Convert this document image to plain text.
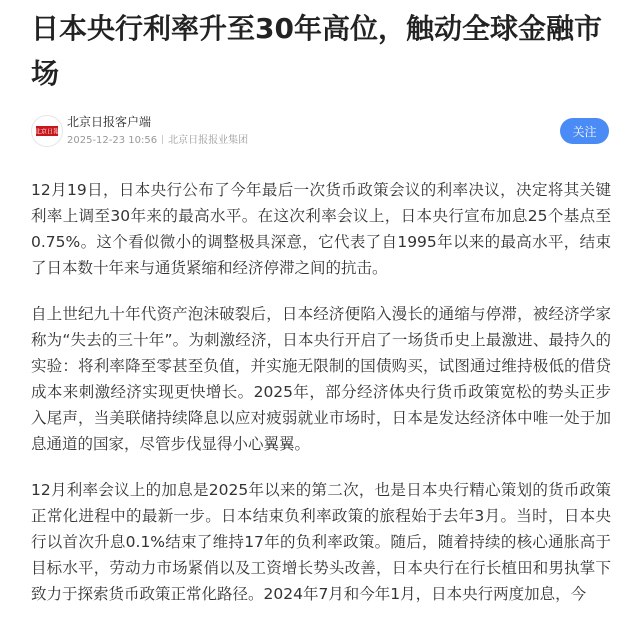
日本央行利率升至30年高位，触动全球金融市场
北京日報
北京日报客户端
2025-12-23 10:56 北京日报报业集团
关注

12月19日，日本央行公布了今年最后一次货币政策会议的利率决议，决定将其关键利率上调至30年来的最高水平。在这次利率会议上，日本央行宣布加息25个基点至0.75%。这个看似微小的调整极具深意，它代表了自1995年以来的最高水平，结束了日本数十年来与通货紧缩和经济停滞之间的抗击。

自上世纪九十年代资产泡沫破裂后，日本经济便陷入漫长的通缩与停滞，被经济学家称为“失去的三十年”。为刺激经济，日本央行开启了一场货币史上最激进、最持久的实验：将利率降至零甚至负值，并实施无限制的国债购买，试图通过维持极低的借贷成本来刺激经济实现更快增长。2025年，部分经济体央行货币政策宽松的势头正步入尾声，当美联储持续降息以应对疲弱就业市场时，日本是发达经济体中唯一处于加息通道的国家，尽管步伐显得小心翼翼。

12月利率会议上的加息是2025年以来的第二次，也是日本央行精心策划的货币政策正常化进程中的最新一步。日本结束负利率政策的旅程始于去年3月。当时，日本央行以首次升息0.1%结束了维持17年的负利率政策。随后，随着持续的核心通胀高于目标水平，劳动力市场紧俏以及工资增长势头改善，日本央行在行长植田和男执掌下致力于探索货币政策正常化路径。2024年7月和今年1月，日本央行两度加息，今
